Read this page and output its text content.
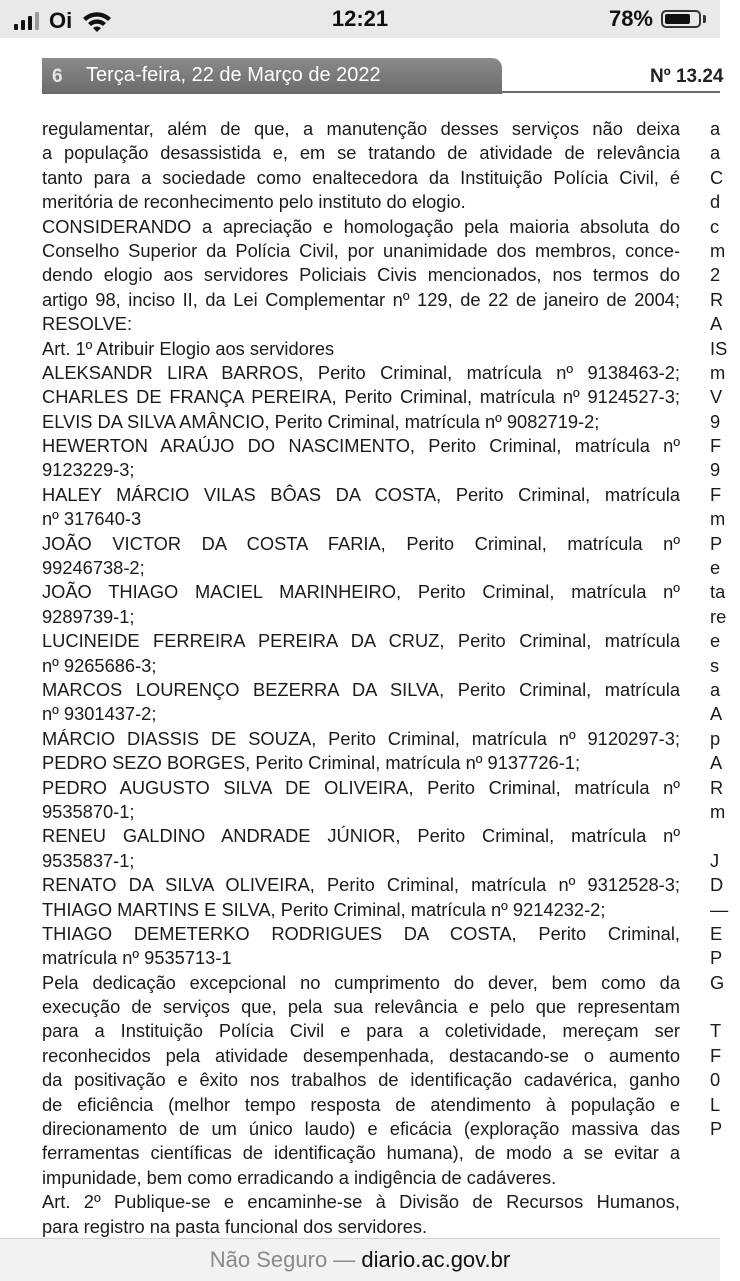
Oi	12:21	78%
6 Terça-feira, 22 de Março de 2022	Nº 13.24
regulamentar, além de que, a manutenção desses serviços não deixa
a população desassistida e, em se tratando de atividade de relevância
tanto para a sociedade como enaltecedora da Instituição Polícia Civil, é
meritória de reconhecimento pelo instituto do elogio.
CONSIDERANDO a apreciação e homologação pela maioria absoluta do
Conselho Superior da Polícia Civil, por unanimidade dos membros, conce-
dendo elogio aos servidores Policiais Civis mencionados, nos termos do
artigo 98, inciso II, da Lei Complementar nº 129, de 22 de janeiro de 2004;
RESOLVE:
Art. 1º Atribuir Elogio aos servidores
ALEKSANDR LIRA BARROS, Perito Criminal, matrícula nº 9138463-2;
CHARLES DE FRANÇA PEREIRA, Perito Criminal, matrícula nº 9124527-3;
ELVIS DA SILVA AMÂNCIO, Perito Criminal, matrícula nº 9082719-2;
HEWERTON ARAÚJO DO NASCIMENTO, Perito Criminal, matrícula nº
9123229-3;
HALEY MÁRCIO VILAS BÔAS DA COSTA, Perito Criminal, matrícula
nº 317640-3
JOÃO VICTOR DA COSTA FARIA, Perito Criminal, matrícula nº
99246738-2;
JOÃO THIAGO MACIEL MARINHEIRO, Perito Criminal, matrícula nº
9289739-1;
LUCINEIDE FERREIRA PEREIRA DA CRUZ, Perito Criminal, matrícula
nº 9265686-3;
MARCOS LOURENÇO BEZERRA DA SILVA, Perito Criminal, matrícula
nº 9301437-2;
MÁRCIO DIASSIS DE SOUZA, Perito Criminal, matrícula nº 9120297-3;
PEDRO SEZO BORGES, Perito Criminal, matrícula nº 9137726-1;
PEDRO AUGUSTO SILVA DE OLIVEIRA, Perito Criminal, matrícula nº
9535870-1;
RENEU GALDINO ANDRADE JÚNIOR, Perito Criminal, matrícula nº
9535837-1;
RENATO DA SILVA OLIVEIRA, Perito Criminal, matrícula nº 9312528-3;
THIAGO MARTINS E SILVA, Perito Criminal, matrícula nº 9214232-2;
THIAGO DEMETERKO RODRIGUES DA COSTA, Perito Criminal,
matrícula nº 9535713-1
Pela dedicação excepcional no cumprimento do dever, bem como da
execução de serviços que, pela sua relevância e pelo que representam
para a Instituição Polícia Civil e para a coletividade, mereçam ser
reconhecidos pela atividade desempenhada, destacando-se o aumento
da positivação e êxito nos trabalhos de identificação cadavérica, ganho
de eficiência (melhor tempo resposta de atendimento à população e
direcionamento de um único laudo) e eficácia (exploração massiva das
ferramentas científicas de identificação humana), de modo a se evitar a
impunidade, bem como erradicando a indigência de cadáveres.
Art. 2º Publique-se e encaminhe-se à Divisão de Recursos Humanos,
para registro na pasta funcional dos servidores.
a
a
C
d
c
m
2
R
A
IS
m
V
9
F
9
F
m
P
e
ta
re
e
s
a
A
p
A
R
m
J
D
—
E
P
G
T
F
0
L
P
Não Seguro — diario.ac.gov.br
